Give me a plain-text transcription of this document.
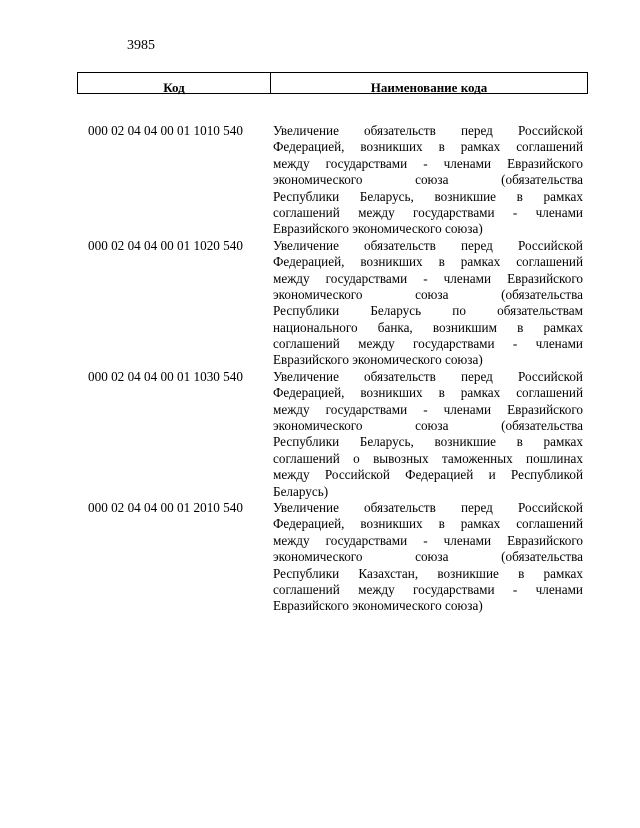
3985
Код	Наименование кода
000 02 04 04 00 01 1010 540	Увеличение обязательств перед Российской
Федерацией, возникших в рамках соглашений
между государствами - членами Евразийского
экономического союза (обязательства
Республики Беларусь, возникшие в рамках
соглашений между государствами - членами
Евразийского экономического союза)
000 02 04 04 00 01 1020 540	Увеличение обязательств перед Российской
Федерацией, возникших в рамках соглашений
между государствами - членами Евразийского
экономического союза (обязательства
Республики Беларусь по обязательствам
национального банка, возникшим в рамках
соглашений между государствами - членами
Евразийского экономического союза)
000 02 04 04 00 01 1030 540	Увеличение обязательств перед Российской
Федерацией, возникших в рамках соглашений
между государствами - членами Евразийского
экономического союза (обязательства
Республики Беларусь, возникшие в рамках
соглашений о вывозных таможенных пошлинах
между Российской Федерацией и Республикой
Беларусь)
000 02 04 04 00 01 2010 540	Увеличение обязательств перед Российской
Федерацией, возникших в рамках соглашений
между государствами - членами Евразийского
экономического союза (обязательства
Республики Казахстан, возникшие в рамках
соглашений между государствами - членами
Евразийского экономического союза)
